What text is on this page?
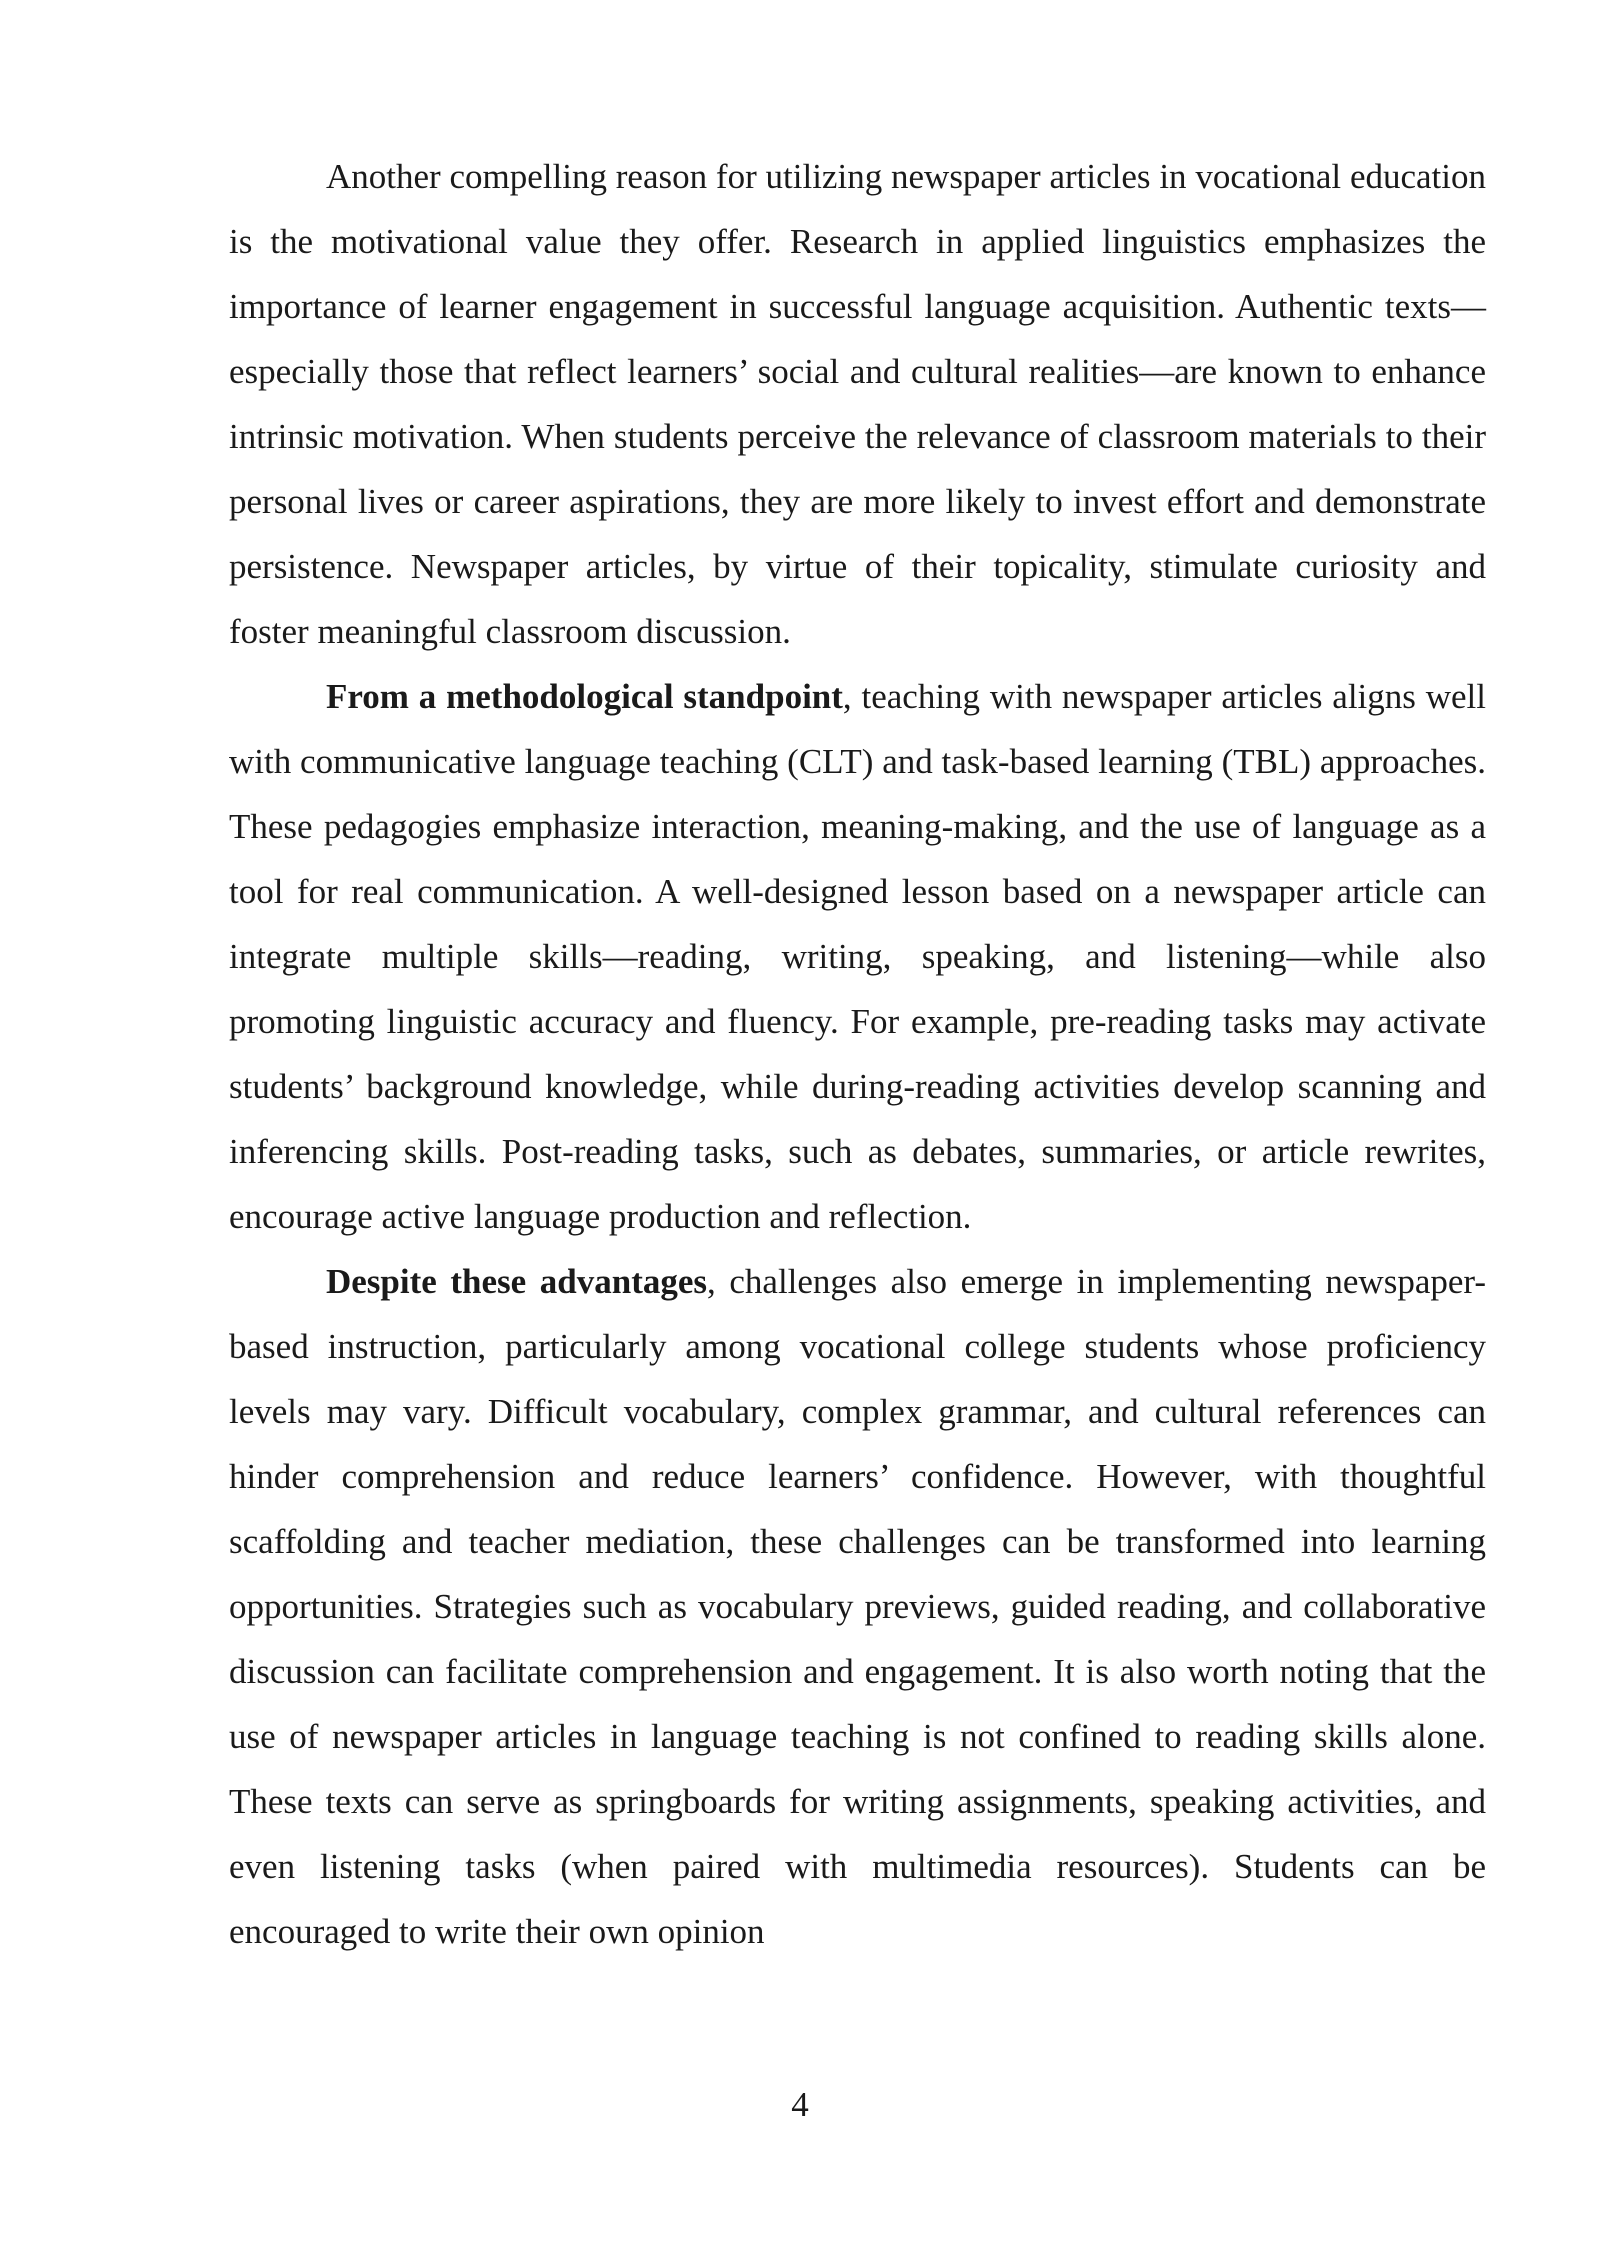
Another compelling reason for utilizing newspaper articles in vocational education is the motivational value they offer. Research in applied linguistics emphasizes the importance of learner engagement in successful language acquisition. Authentic texts—especially those that reflect learners’ social and cultural realities—are known to enhance intrinsic motivation. When students perceive the relevance of classroom materials to their personal lives or career aspirations, they are more likely to invest effort and demonstrate persistence. Newspaper articles, by virtue of their topicality, stimulate curiosity and foster meaningful classroom discussion.

From a methodological standpoint, teaching with newspaper articles aligns well with communicative language teaching (CLT) and task-based learning (TBL) approaches. These pedagogies emphasize interaction, meaning-making, and the use of language as a tool for real communication. A well-designed lesson based on a newspaper article can integrate multiple skills—reading, writing, speaking, and listening—while also promoting linguistic accuracy and fluency. For example, pre-reading tasks may activate students’ background knowledge, while during-reading activities develop scanning and inferencing skills. Post-reading tasks, such as debates, summaries, or article rewrites, encourage active language production and reflection.

Despite these advantages, challenges also emerge in implementing newspaper-based instruction, particularly among vocational college students whose proficiency levels may vary. Difficult vocabulary, complex grammar, and cultural references can hinder comprehension and reduce learners’ confidence. However, with thoughtful scaffolding and teacher mediation, these challenges can be transformed into learning opportunities. Strategies such as vocabulary previews, guided reading, and collaborative discussion can facilitate comprehension and engagement. It is also worth noting that the use of newspaper articles in language teaching is not confined to reading skills alone. These texts can serve as springboards for writing assignments, speaking activities, and even listening tasks (when paired with multimedia resources). Students can be encouraged to write their own opinion

4
